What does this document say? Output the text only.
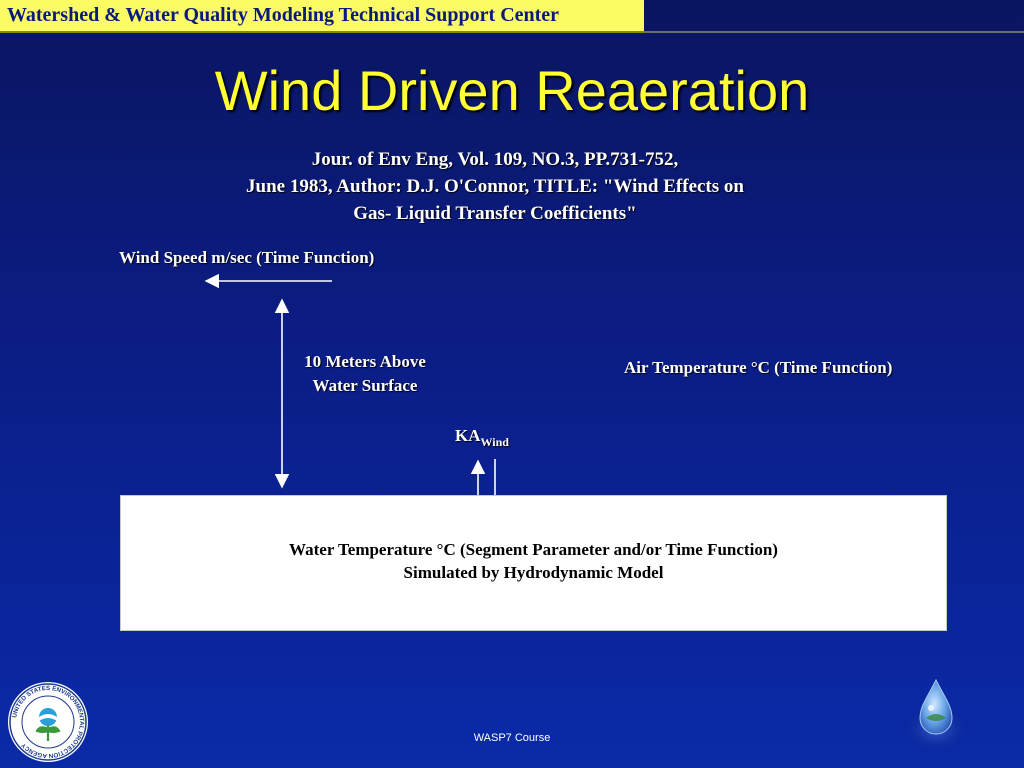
Watershed & Water Quality Modeling Technical Support Center
Wind Driven Reaeration
Jour. of Env Eng, Vol. 109, NO.3, PP.731-752,
June 1983, Author: D.J. O'Connor, TITLE: "Wind Effects on
Gas- Liquid Transfer Coefficients"
Wind Speed m/sec (Time Function)
10 Meters Above
Water Surface
Air Temperature °C (Time Function)
$KA_{Wind}$
Water Temperature °C (Segment Parameter and/or Time Function)
Simulated by Hydrodynamic Model
UNITED STATES ENVIRONMENTAL PROTECTION AGENCY
WASP7 Course
